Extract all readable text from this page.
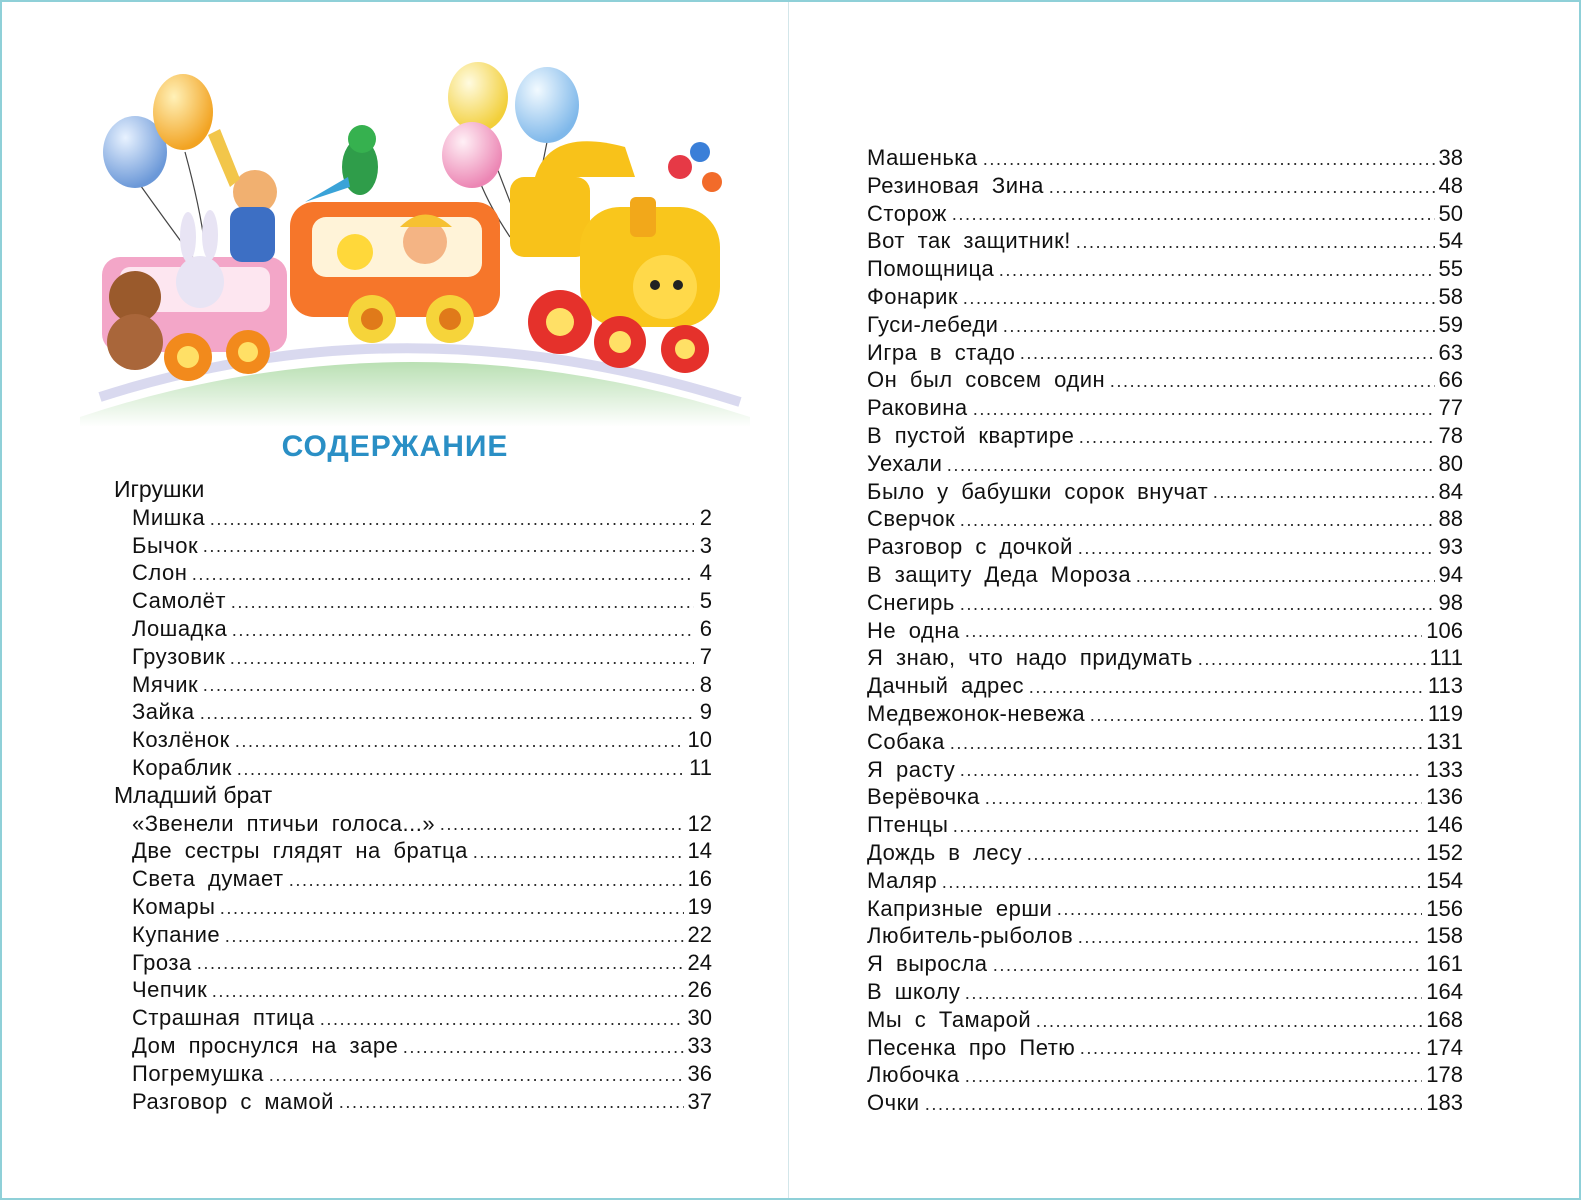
СОДЕРЖАНИЕ
Игрушки
Мишка	2
Бычок	3
Слон	4
Самолёт	5
Лошадка	6
Грузовик	7
Мячик	8
Зайка	9
Козлёнок	10
Кораблик	11
Младший брат
«Звенели птичьи голоса...»	12
Две сестры глядят на братца	14
Света думает	16
Комары	19
Купание	22
Гроза	24
Чепчик	26
Страшная птица	30
Дом проснулся на заре	33
Погремушка	36
Разговор с мамой	37
Машенька	38
Резиновая Зина	48
Сторож	50
Вот так защитник!	54
Помощница	55
Фонарик	58
Гуси-лебеди	59
Игра в стадо	63
Он был совсем один	66
Раковина	77
В пустой квартире	78
Уехали	80
Было у бабушки сорок внучат	84
Сверчок	88
Разговор с дочкой	93
В защиту Деда Мороза	94
Снегирь	98
Не одна	106
Я знаю, что надо придумать	111
Дачный адрес	113
Медвежонок-невежа	119
Собака	131
Я расту	133
Верёвочка	136
Птенцы	146
Дождь в лесу	152
Маляр	154
Капризные ерши	156
Любитель-рыболов	158
Я выросла	161
В школу	164
Мы с Тамарой	168
Песенка про Петю	174
Любочка	178
Очки	183
